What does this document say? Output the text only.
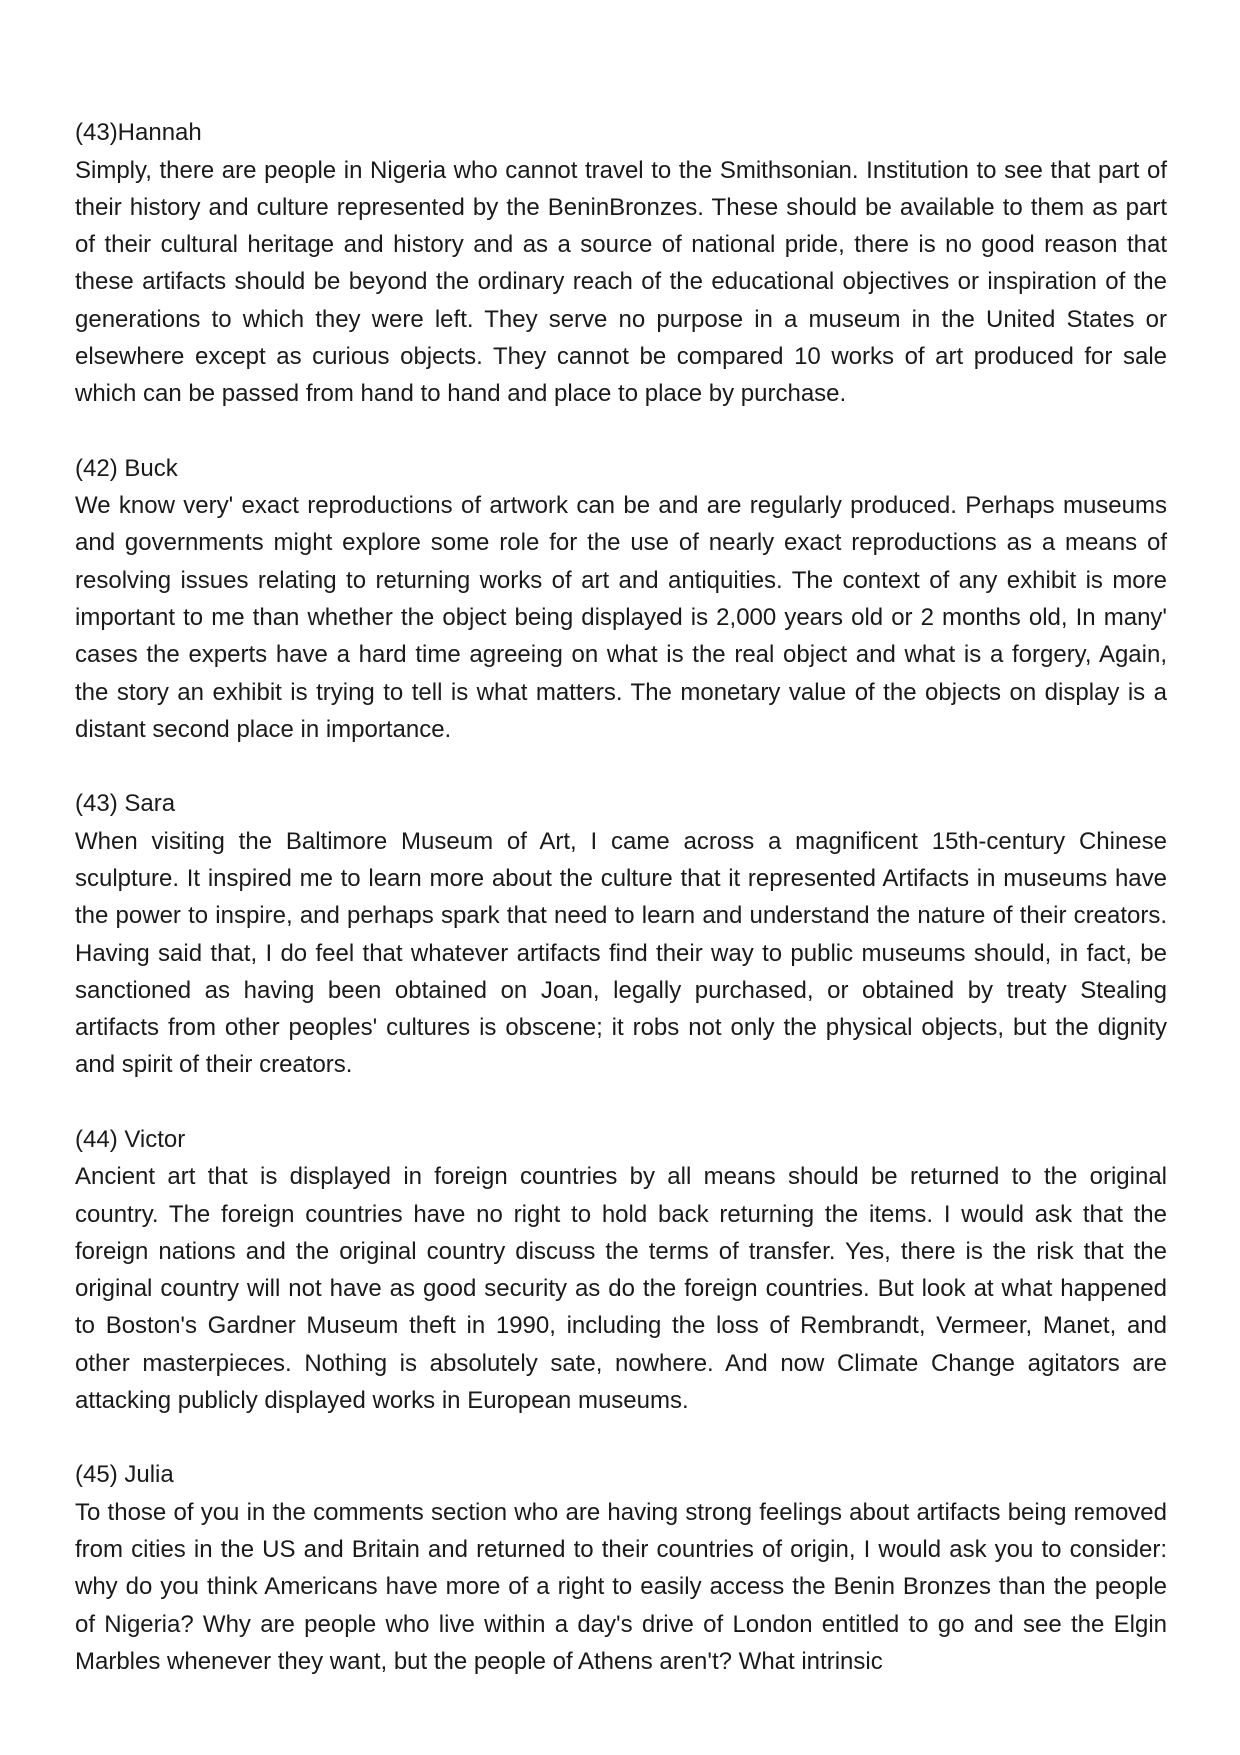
(43)Hannah

Simply, there are people in Nigeria who cannot travel to the Smithsonian. Institution to see that part of their history and culture represented by the BeninBronzes. These should be available to them as part of their cultural heritage and history and as a source of national pride, there is no good reason that these artifacts should be beyond the ordinary reach of the educational objectives or inspiration of the generations to which they were left. They serve no purpose in a museum in the United States or elsewhere except as curious objects. They cannot be compared 10 works of art produced for sale which can be passed from hand to hand and place to place by purchase.

(42) Buck

We know very' exact reproductions of artwork can be and are regularly produced. Perhaps museums and governments might explore some role for the use of nearly exact reproductions as a means of resolving issues relating to returning works of art and antiquities. The context of any exhibit is more important to me than whether the object being displayed is 2,000 years old or 2 months old, In many' cases the experts have a hard time agreeing on what is the real object and what is a forgery, Again, the story an exhibit is trying to tell is what matters. The monetary value of the objects on display is a distant second place in importance.

(43) Sara

When visiting the Baltimore Museum of Art, I came across a magnificent 15th-century Chinese sculpture. It inspired me to learn more about the culture that it represented Artifacts in museums have the power to inspire, and perhaps spark that need to learn and understand the nature of their creators. Having said that, I do feel that whatever artifacts find their way to public museums should, in fact, be sanctioned as having been obtained on Joan, legally purchased, or obtained by treaty Stealing artifacts from other peoples' cultures is obscene; it robs not only the physical objects, but the dignity and spirit of their creators.

(44) Victor

Ancient art that is displayed in foreign countries by all means should be returned to the original country. The foreign countries have no right to hold back returning the items. I would ask that the foreign nations and the original country discuss the terms of transfer. Yes, there is the risk that the original country will not have as good security as do the foreign countries. But look at what happened to Boston's Gardner Museum theft in 1990, including the loss of Rembrandt, Vermeer, Manet, and other masterpieces. Nothing is absolutely sate, nowhere. And now Climate Change agitators are attacking publicly displayed works in European museums.

(45) Julia

To those of you in the comments section who are having strong feelings about artifacts being removed from cities in the US and Britain and returned to their countries of origin, I would ask you to consider: why do you think Americans have more of a right to easily access the Benin Bronzes than the people of Nigeria? Why are people who live within a day's drive of London entitled to go and see the Elgin Marbles whenever they want, but the people of Athens aren't? What intrinsic
